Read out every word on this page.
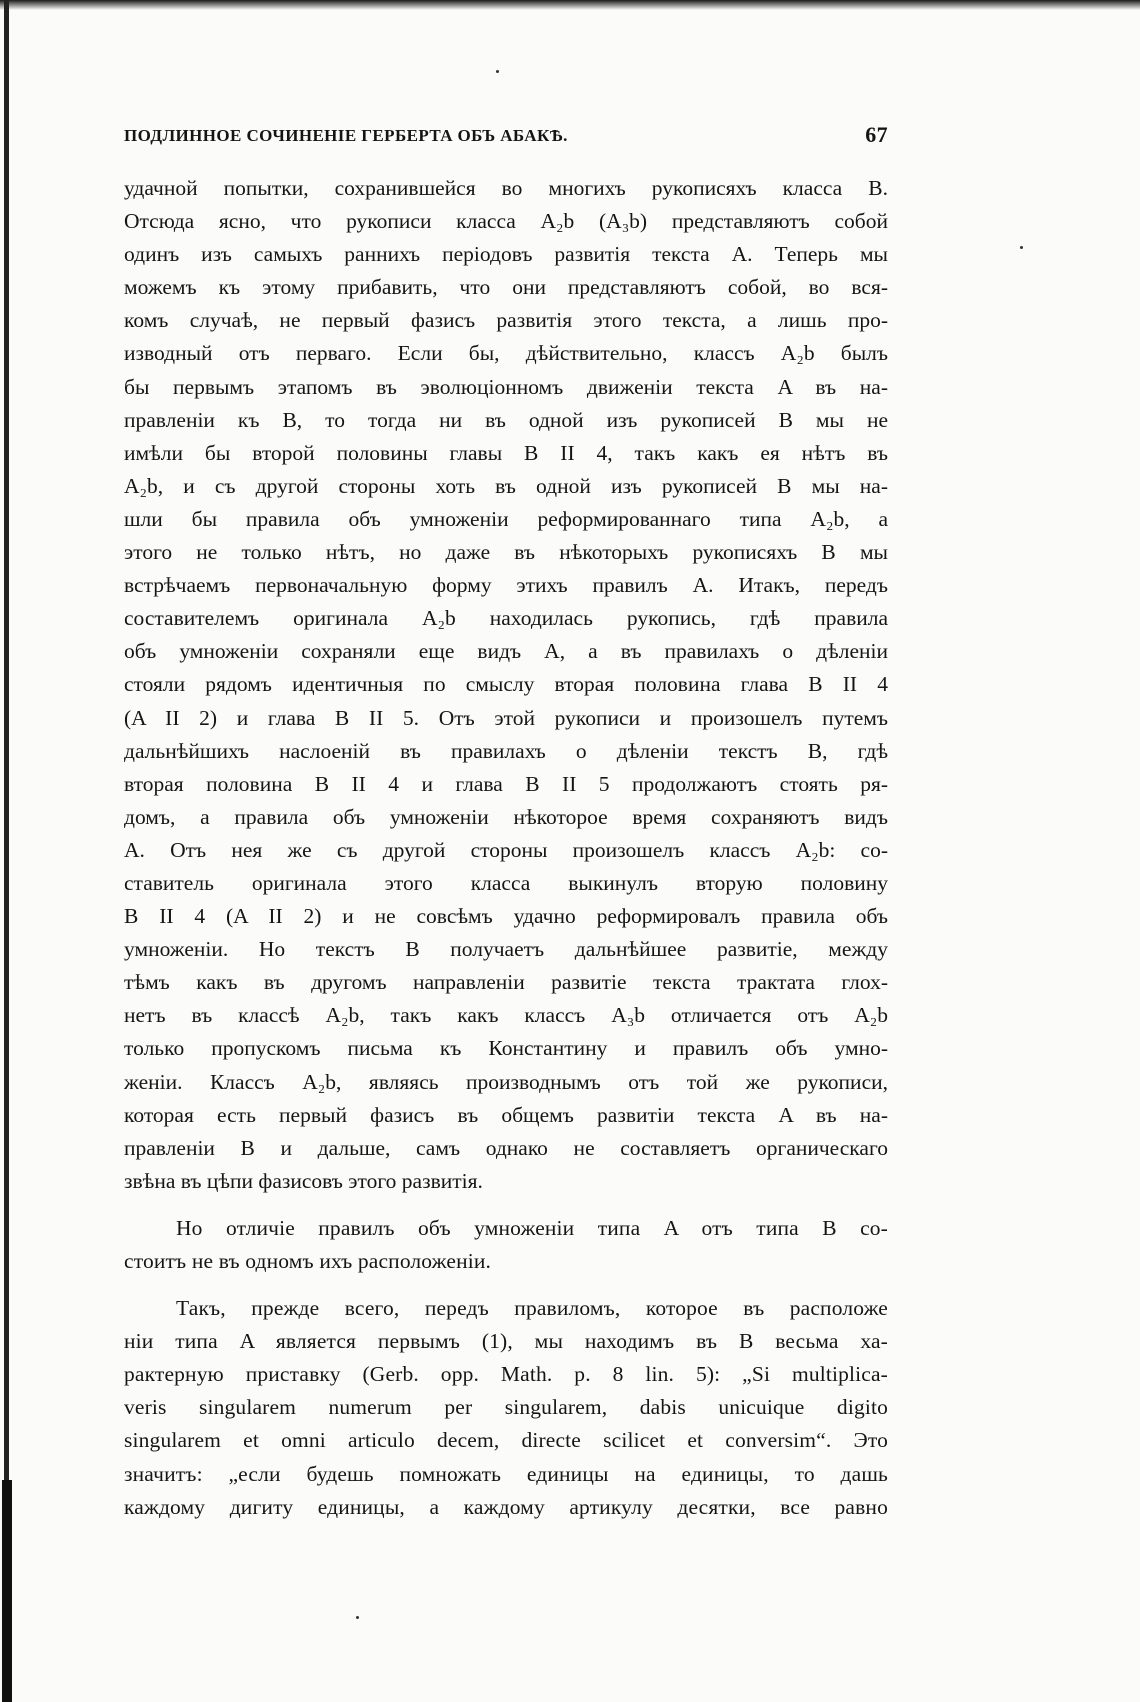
ПОДЛИННОЕ СОЧИНЕНІЕ ГЕРБЕРТА ОБЪ АБАКѢ.	67

удачной попытки, сохранившейся во многихъ рукописяхъ класса B.

Отсюда ясно, что рукописи класса A₂b (A₃b) представляютъ собой

одинъ изъ самыхъ раннихъ періодовъ развитія текста A. Теперь мы

можемъ къ этому прибавить, что они представляютъ собой, во вся-

комъ случаѣ, не первый фазисъ развитія этого текста, а лишь про-

изводный отъ перваго. Если бы, дѣйствительно, классъ A₂b былъ

бы первымъ этапомъ въ эволюціонномъ движеніи текста A въ на-

правленіи къ B, то тогда ни въ одной изъ рукописей B мы не

имѣли бы второй половины главы B II 4, такъ какъ ея нѣтъ въ

A₂b, и съ другой стороны хоть въ одной изъ рукописей B мы на-

шли бы правила объ умноженіи реформированнаго типа A₂b, а

этого не только нѣтъ, но даже въ нѣкоторыхъ рукописяхъ B мы

встрѣчаемъ первоначальную форму этихъ правилъ A. Итакъ, передъ

составителемъ оригинала A₂b находилась рукопись, гдѣ правила

объ умноженіи сохраняли еще видъ A, а въ правилахъ о дѣленіи

стояли рядомъ идентичныя по смыслу вторая половина глава B II 4

(A II 2) и глава B II 5. Отъ этой рукописи и произошелъ путемъ

дальнѣйшихъ наслоеній въ правилахъ о дѣленіи текстъ B, гдѣ

вторая половина B II 4 и глава B II 5 продолжаютъ стоять ря-

домъ, а правила объ умноженіи нѣкоторое время сохраняютъ видъ

A. Отъ нея же съ другой стороны произошелъ классъ A₂b: со-

ставитель оригинала этого класса выкинулъ вторую половину

B II 4 (A II 2) и не совсѣмъ удачно реформировалъ правила объ

умноженіи. Но текстъ B получаетъ дальнѣйшее развитіе, между

тѣмъ какъ въ другомъ направленіи развитіе текста трактата глох-

нетъ въ классѣ A₂b, такъ какъ классъ A₃b отличается отъ A₂b

только пропускомъ письма къ Константину и правилъ объ умно-

женіи. Классъ A₂b, являясь производнымъ отъ той же рукописи,

которая есть первый фазисъ въ общемъ развитіи текста A въ на-

правленіи B и дальше, самъ однако не составляетъ органическаго

звѣна въ цѣпи фазисовъ этого развитія.

Но отличіе правилъ объ умноженіи типа A отъ типа B со-

стоитъ не въ одномъ ихъ расположеніи.

Такъ, прежде всего, передъ правиломъ, которое въ расположе

ніи типа A является первымъ (1), мы находимъ въ B весьма ха-

рактерную приставку (Gerb. opp. Math. p. 8 lin. 5): „Si multiplica-

veris singularem numerum per singularem, dabis unicuique digito

singularem et omni articulo decem, directe scilicet et conversim“. Это

значитъ: „если будешь помножать единицы на единицы, то дашь

каждому дигиту единицы, а каждому артикулу десятки, все равно
